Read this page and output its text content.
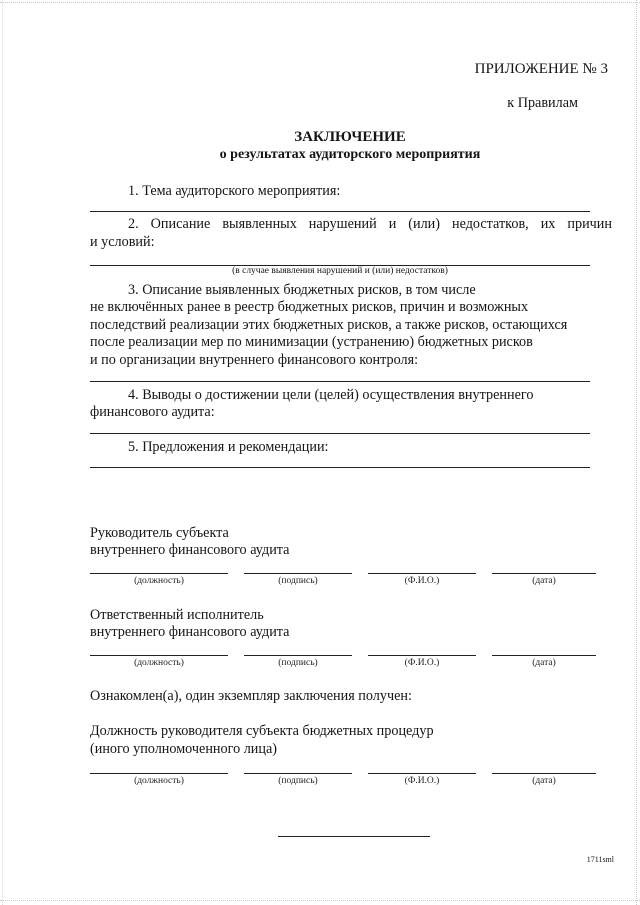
ПРИЛОЖЕНИЕ № 3
к Правилам
ЗАКЛЮЧЕНИЕ
о результатах аудиторского мероприятия
1. Тема аудиторского мероприятия:
2. Описание выявленных нарушений и (или) недостатков, их причин
и условий:
(в случае выявления нарушений и (или) недостатков)
3. Описание выявленных бюджетных рисков, в том числе
не включённых ранее в реестр бюджетных рисков, причин и возможных
последствий реализации этих бюджетных рисков, а также рисков, остающихся
после реализации мер по минимизации (устранению) бюджетных рисков
и по организации внутреннего финансового контроля:
4. Выводы о достижении цели (целей) осуществления внутреннего
финансового аудита:
5. Предложения и рекомендации:
Руководитель субъекта
внутреннего финансового аудита
(должность)	(подпись)	(Ф.И.О.)	(дата)
Ответственный исполнитель
внутреннего финансового аудита
(должность)	(подпись)	(Ф.И.О.)	(дата)
Ознакомлен(а), один экземпляр заключения получен:
Должность руководителя субъекта бюджетных процедур
(иного уполномоченного лица)
(должность)	(подпись)	(Ф.И.О.)	(дата)
1711sml
